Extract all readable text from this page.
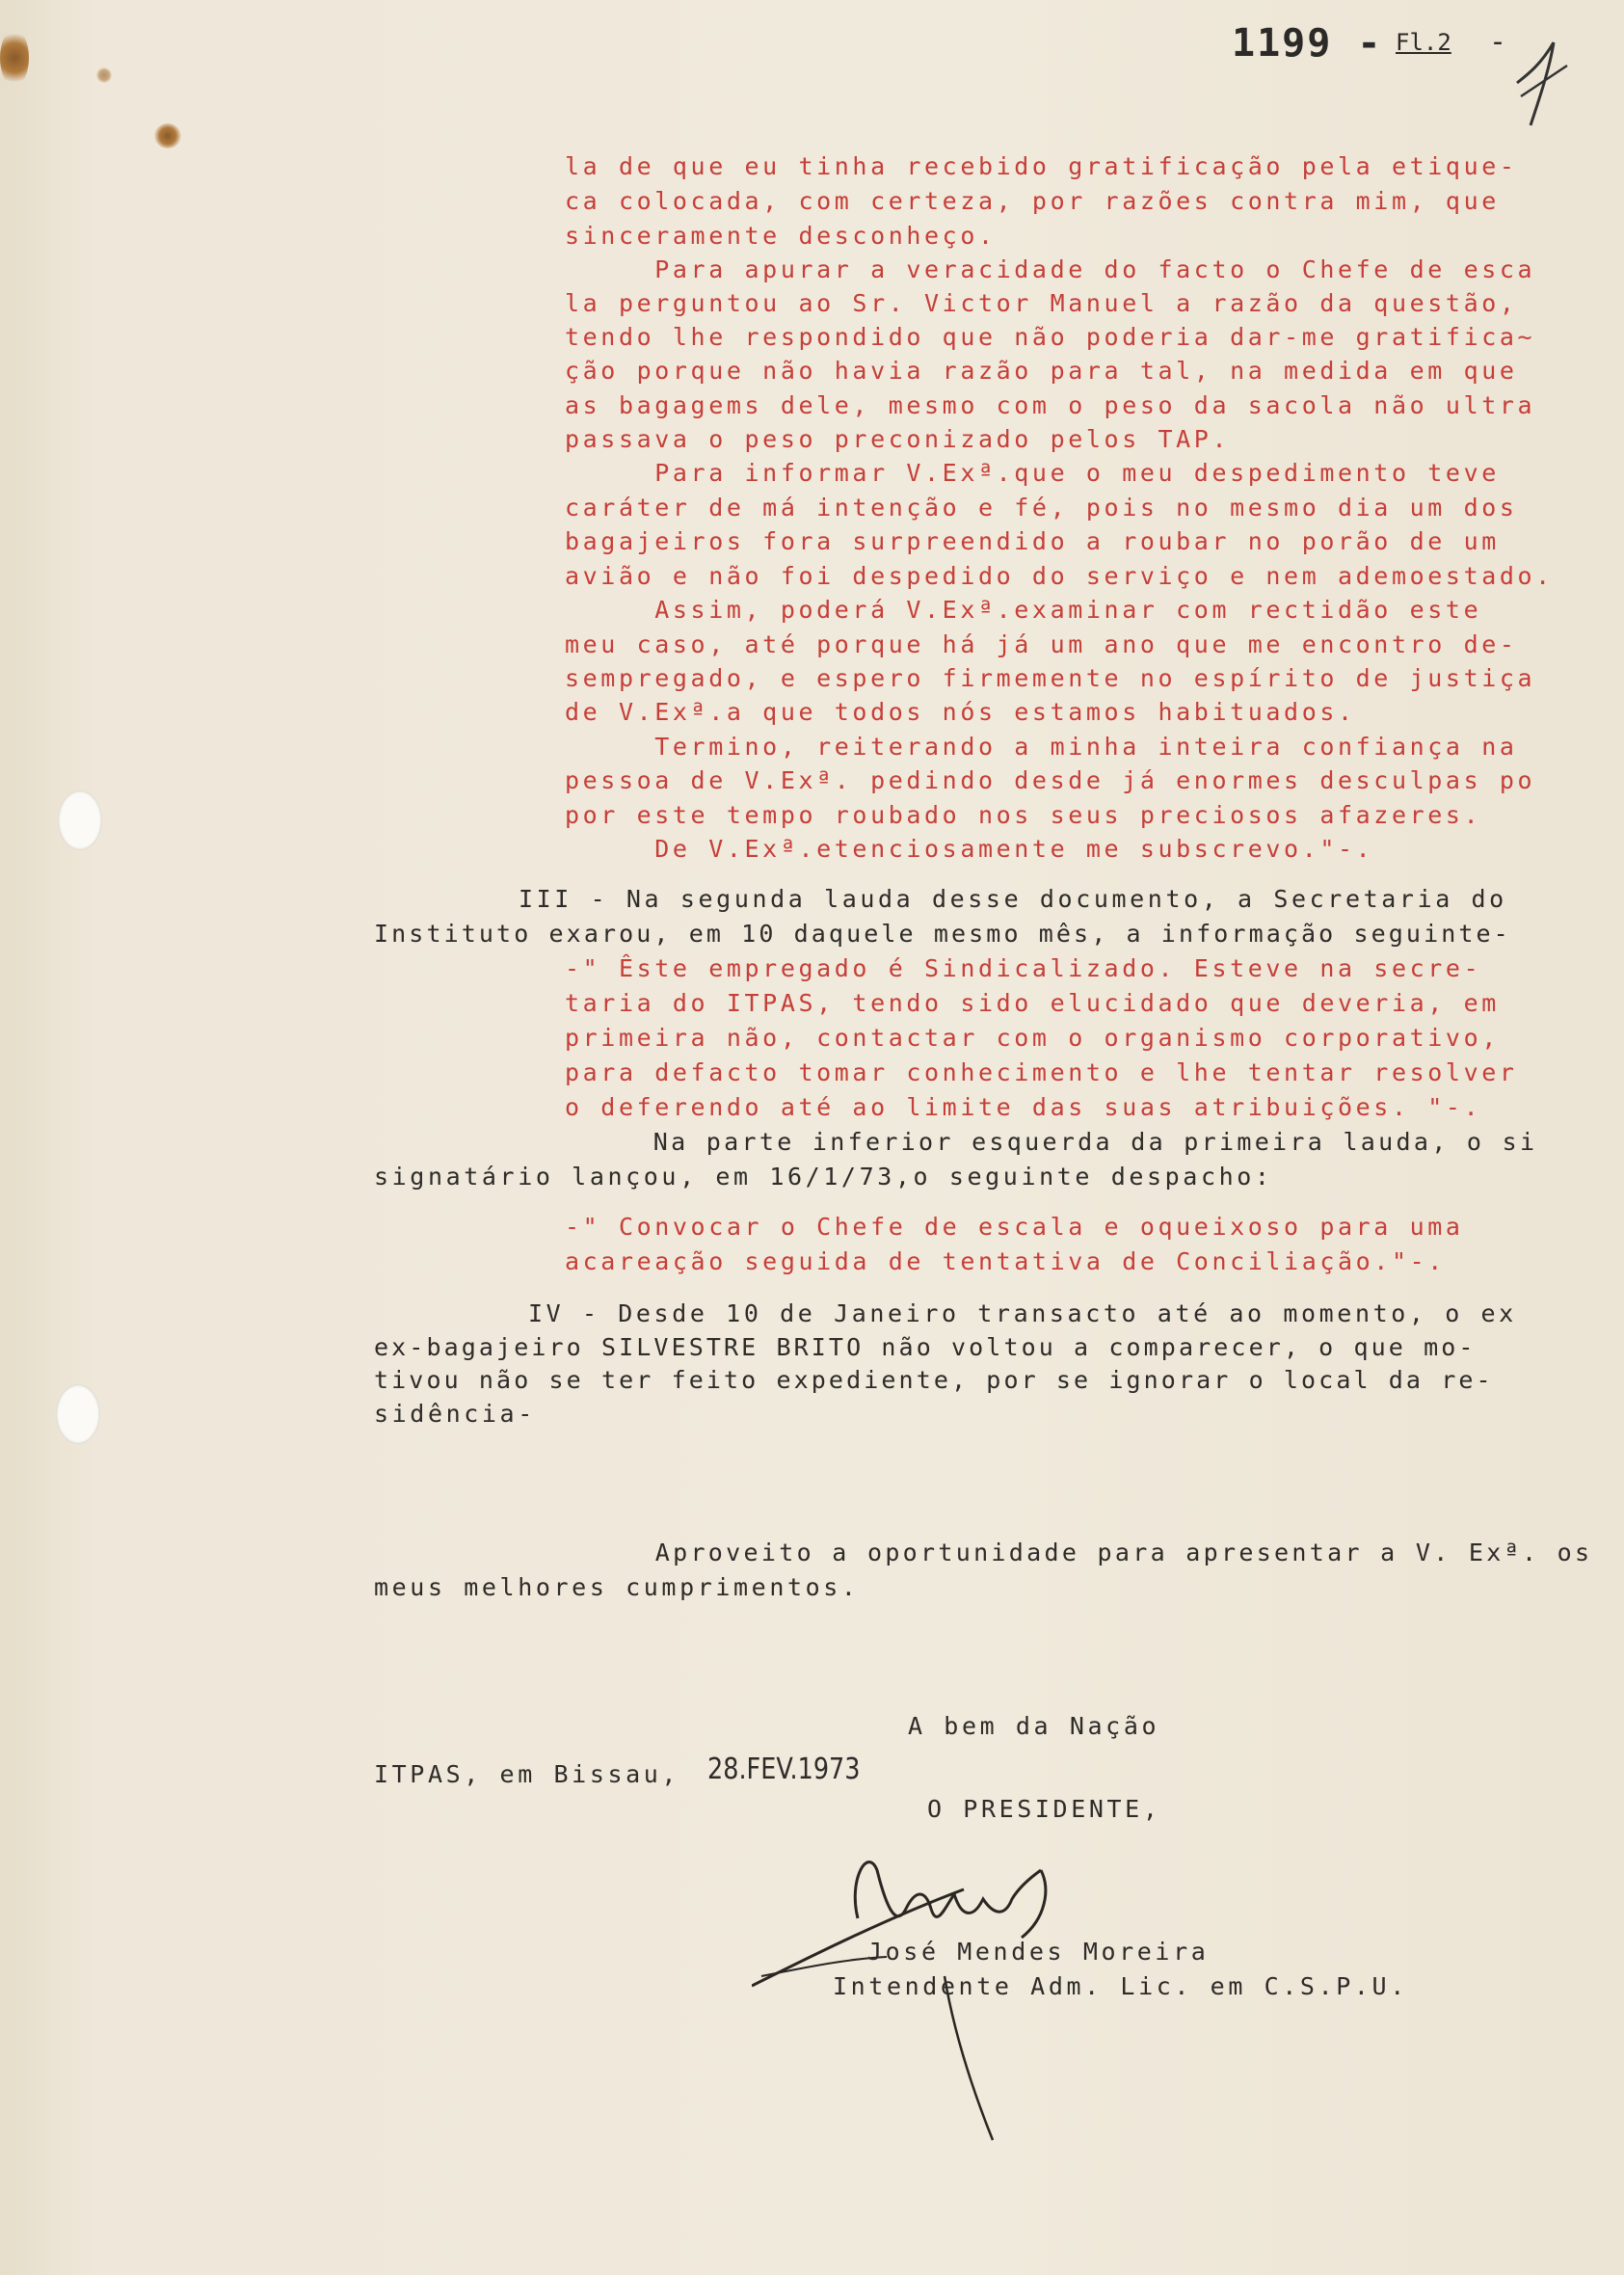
1199 - Fl.2 -	1
la de que eu tinha recebido gratificação pela etique-
ca colocada, com certeza, por razões contra mim, que
sinceramente desconheço.
Para apurar a veracidade do facto o Chefe de esca
la perguntou ao Sr. Victor Manuel a razão da questão,
tendo lhe respondido que não poderia dar-me gratifica~
ção porque não havia razão para tal, na medida em que
as bagagems dele, mesmo com o peso da sacola não ultra
passava o peso preconizado pelos TAP.
Para informar V.Exª.que o meu despedimento teve
caráter de má intenção e fé, pois no mesmo dia um dos
bagajeiros fora surpreendido a roubar no porão de um
avião e não foi despedido do serviço e nem ademoestado.
Assim, poderá V.Exª.examinar com rectidão este
meu caso, até porque há já um ano que me encontro de-
sempregado, e espero firmemente no espírito de justiça
de V.Exª.a que todos nós estamos habituados.
Termino, reiterando a minha inteira confiança na
pessoa de V.Exª. pedindo desde já enormes desculpas po
por este tempo roubado nos seus preciosos afazeres.
De V.Exª.etenciosamente me subscrevo."-.
III - Na segunda lauda desse documento, a Secretaria do
Instituto exarou, em 10 daquele mesmo mês, a informação seguinte-
-" Êste empregado é Sindicalizado. Esteve na secre-
taria do ITPAS, tendo sido elucidado que deveria, em
primeira não, contactar com o organismo corporativo,
para defacto tomar conhecimento e lhe tentar resolver
o deferendo até ao limite das suas atribuições. "-.
Na parte inferior esquerda da primeira lauda, o si
signatário lançou, em 16/1/73,o seguinte despacho:
-" Convocar o Chefe de escala e oqueixoso para uma
acareação seguida de tentativa de Conciliação."-.
IV - Desde 10 de Janeiro transacto até ao momento, o ex
ex-bagajeiro SILVESTRE BRITO não voltou a comparecer, o que mo-
tivou não se ter feito expediente, por se ignorar o local da re-
sidência-
Aproveito a oportunidade para apresentar a V. Exª. os
meus melhores cumprimentos.
A bem da Nação
ITPAS, em Bissau, 28.FEV.1973
O PRESIDENTE,
José Mendes Moreira
Intendente Adm. Lic. em C.S.P.U.
